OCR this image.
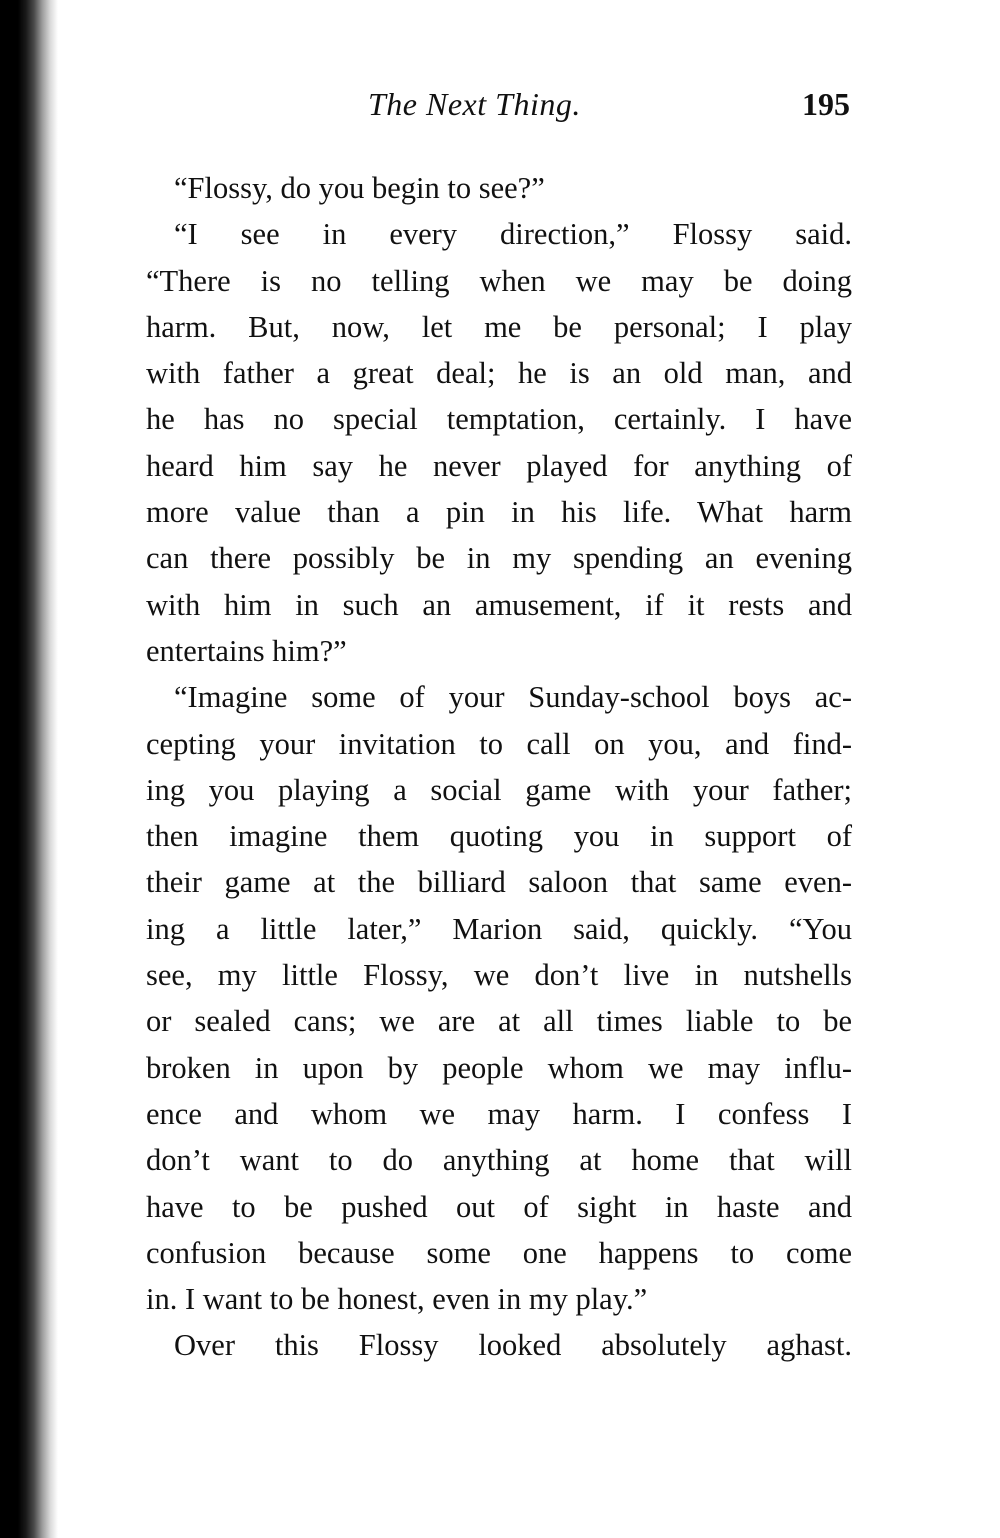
The Next Thing.	195
“Flossy, do you begin to see?”
“I see in every direction,” Flossy said.
“There is no telling when we may be doing
harm. But, now, let me be personal; I play
with father a great deal; he is an old man, and
he has no special temptation, certainly. I have
heard him say he never played for anything of
more value than a pin in his life. What harm
can there possibly be in my spending an evening
with him in such an amusement, if it rests and
entertains him?”
“Imagine some of your Sunday-school boys ac-
cepting your invitation to call on you, and find-
ing you playing a social game with your father;
then imagine them quoting you in support of
their game at the billiard saloon that same even-
ing a little later,” Marion said, quickly. “You
see, my little Flossy, we don’t live in nutshells
or sealed cans; we are at all times liable to be
broken in upon by people whom we may influ-
ence and whom we may harm. I confess I
don’t want to do anything at home that will
have to be pushed out of sight in haste and
confusion because some one happens to come
in. I want to be honest, even in my play.”
Over this Flossy looked absolutely aghast.
